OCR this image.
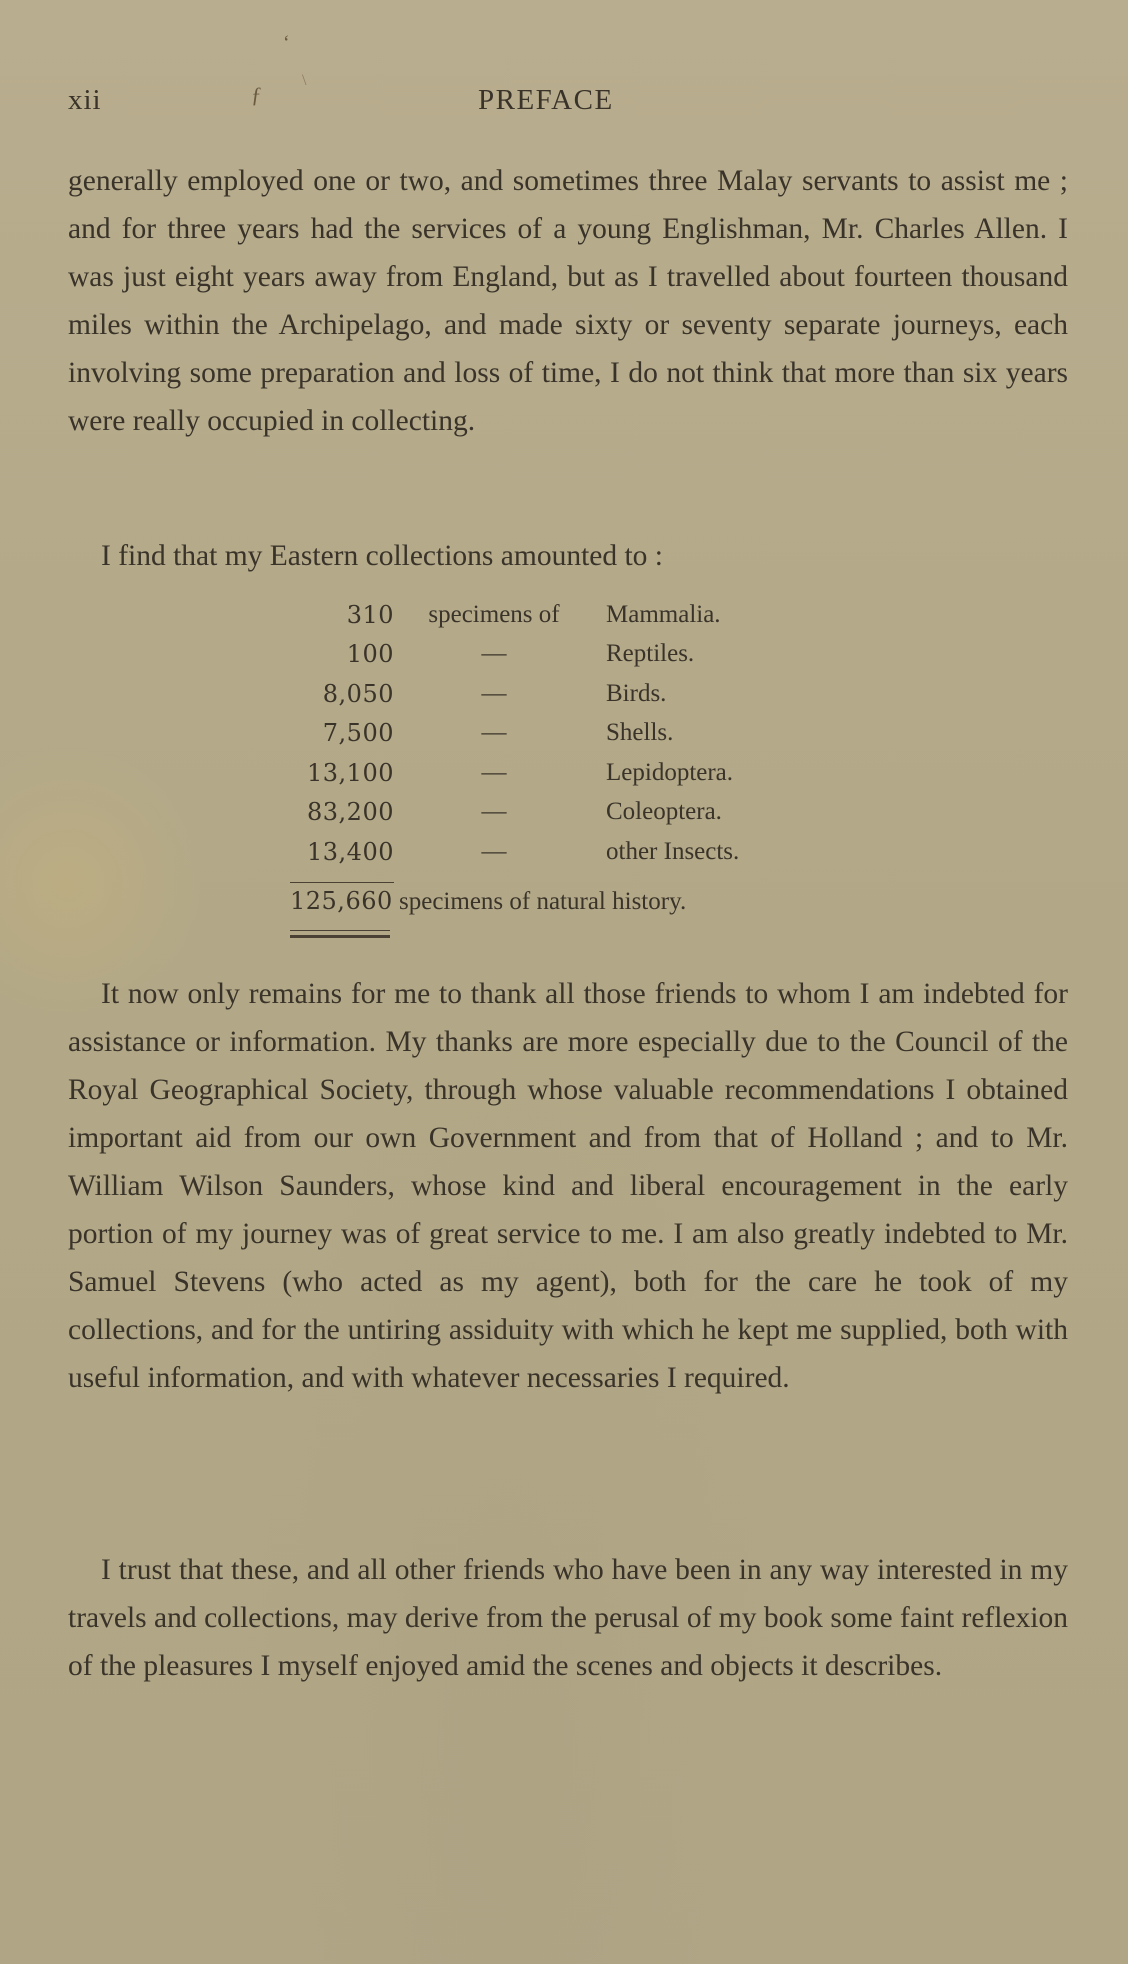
‘
ƒ
\
xii	PREFACE

generally employed one or two, and sometimes three Malay servants to assist me ; and for three years had the services of a young Englishman, Mr. Charles Allen. I was just eight years away from England, but as I travelled about fourteen thousand miles within the Archipelago, and made sixty or seventy separate journeys, each involving some preparation and loss of time, I do not think that more than six years were really occupied in collecting.

I find that my Eastern collections amounted to :

310	specimens of	Mammalia.
100	—	Reptiles.
8,050	—	Birds.
7,500	—	Shells.
13,100	—	Lepidoptera.
83,200	—	Coleoptera.
13,400	—	other Insects.
125,660 specimens of natural history.

It now only remains for me to thank all those friends to whom I am indebted for assistance or information. My thanks are more especially due to the Council of the Royal Geographical Society, through whose valuable recommendations I obtained important aid from our own Government and from that of Holland ; and to Mr. William Wilson Saunders, whose kind and liberal encouragement in the early portion of my journey was of great service to me. I am also greatly indebted to Mr. Samuel Stevens (who acted as my agent), both for the care he took of my collections, and for the untiring assiduity with which he kept me supplied, both with useful information, and with whatever necessaries I required.

I trust that these, and all other friends who have been in any way interested in my travels and collections, may derive from the perusal of my book some faint reflexion of the pleasures I myself enjoyed amid the scenes and objects it describes.
